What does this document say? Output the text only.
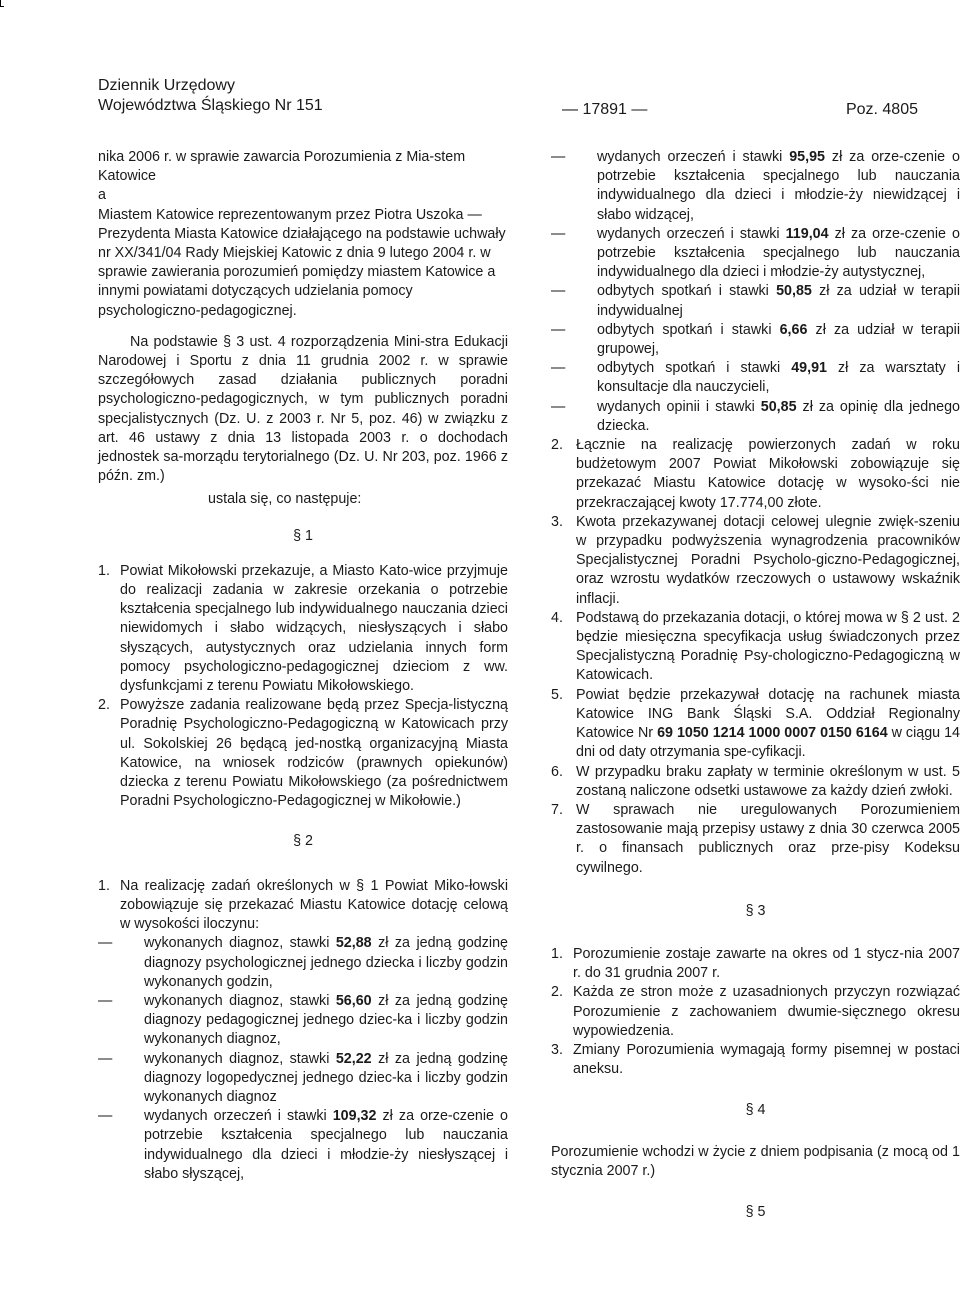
Dziennik Urzędowy
Województwa Śląskiego Nr 151	— 17891 —	Poz. 4805

nika 2006 r. w sprawie zawarcia Porozumienia z Mia-stem Katowice

a

Miastem Katowice reprezentowanym przez Piotra Uszoka — Prezydenta Miasta Katowice działającego na podstawie uchwały nr XX/341/04 Rady Miejskiej Katowic z dnia 9 lutego 2004 r. w sprawie zawierania porozumień pomiędzy miastem Katowice a innymi powiatami dotyczących udzielania pomocy psychologiczno-pedagogicznej.

Na podstawie § 3 ust. 4 rozporządzenia Mini-stra Edukacji Narodowej i Sportu z dnia 11 grudnia 2002 r. w sprawie szczegółowych zasad działania publicznych poradni psychologiczno-pedagogicznych, w tym publicznych poradni specjalistycznych (Dz. U. z 2003 r. Nr 5, poz. 46) w związku z art. 46 ustawy z dnia 13 listopada 2003 r. o dochodach jednostek sa-morządu terytorialnego (Dz. U. Nr 203, poz. 1966 z późn. zm.)

ustala się, co następuje:

§ 1
1. Powiat Mikołowski przekazuje, a Miasto Kato-wice przyjmuje do realizacji zadania w zakresie orzekania o potrzebie kształcenia specjalnego lub indywidualnego nauczania dzieci niewidomych i słabo widzących, niesłyszących i słabo słyszących, autystycznych oraz udzielania innych form pomocy psychologiczno-pedagogicznej dzieciom z ww. dysfunkcjami z terenu Powiatu Mikołowskiego.
2. Powyższe zadania realizowane będą przez Specja-listyczną Poradnię Psychologiczno-Pedagogiczną w Katowicach przy ul. Sokolskiej 26 będącą jed-nostką organizacyjną Miasta Katowice, na wniosek rodziców (prawnych opiekunów) dziecka z terenu Powiatu Mikołowskiego (za pośrednictwem Poradni Psychologiczno-Pedagogicznej w Mikołowie.)
§ 2
1. Na realizację zadań określonych w § 1 Powiat Miko-łowski zobowiązuje się przekazać Miastu Katowice dotację celową w wysokości iloczynu:
—	wykonanych diagnoz, stawki 52,88 zł za jedną godzinę diagnozy psychologicznej jednego dziecka i liczby godzin wykonanych godzin,
—	wykonanych diagnoz, stawki 56,60 zł za jedną godzinę diagnozy pedagogicznej jednego dziec-ka i liczby godzin wykonanych diagnoz,
—	wykonanych diagnoz, stawki 52,22 zł za jedną godzinę diagnozy logopedycznej jednego dziec-ka i liczby godzin wykonanych diagnoz
—	wydanych orzeczeń i stawki 109,32 zł za orze-czenie o potrzebie kształcenia specjalnego lub nauczania indywidualnego dla dzieci i młodzie-ży niesłyszącej i słabo słyszącej,
—	wydanych orzeczeń i stawki 95,95 zł za orze-czenie o potrzebie kształcenia specjalnego lub nauczania indywidualnego dla dzieci i młodzie-ży niewidzącej i słabo widzącej,
—	wydanych orzeczeń i stawki 119,04 zł za orze-czenie o potrzebie kształcenia specjalnego lub nauczania indywidualnego dla dzieci i młodzie-ży autystycznej,
—	odbytych spotkań i stawki 50,85 zł za udział w terapii indywidualnej
—	odbytych spotkań i stawki 6,66 zł za udział w terapii grupowej,
—	odbytych spotkań i stawki 49,91 zł za warsztaty i konsultacje dla nauczycieli,
—	wydanych opinii i stawki 50,85 zł za opinię dla jednego dziecka.
2. Łącznie na realizację powierzonych zadań w roku budżetowym 2007 Powiat Mikołowski zobowiązuje się przekazać Miastu Katowice dotację w wysoko-ści nie przekraczającej kwoty 17.774,00 złote.
3. Kwota przekazywanej dotacji celowej ulegnie zwięk-szeniu w przypadku podwyższenia wynagrodzenia pracowników Specjalistycznej Poradni Psycholo-giczno-Pedagogicznej, oraz wzrostu wydatków rzeczowych o ustawowy wskaźnik inflacji.
4. Podstawą do przekazania dotacji, o której mowa w § 2 ust. 2 będzie miesięczna specyfikacja usług świadczonych przez Specjalistyczną Poradnię Psy-chologiczno-Pedagogiczną w Katowicach.
5. Powiat będzie przekazywał dotację na rachunek miasta Katowice ING Bank Śląski S.A. Oddział Regionalny Katowice Nr 69 1050 1214 1000 0007 0150 6164 w ciągu 14 dni od daty otrzymania spe-cyfikacji.
6. W przypadku braku zapłaty w terminie określonym w ust. 5 zostaną naliczone odsetki ustawowe za każdy dzień zwłoki.
7. W sprawach nie uregulowanych Porozumieniem zastosowanie mają przepisy ustawy z dnia 30 czerwca 2005 r. o finansach publicznych oraz prze-pisy Kodeksu cywilnego.
§ 3
1. Porozumienie zostaje zawarte na okres od 1 stycz-nia 2007 r. do 31 grudnia 2007 r.
2. Każda ze stron może z uzasadnionych przyczyn rozwiązać Porozumienie z zachowaniem dwumie-sięcznego okresu wypowiedzenia.
3. Zmiany Porozumienia wymagają formy pisemnej w postaci aneksu.
§ 4

Porozumienie wchodzi w życie z dniem podpisania (z mocą od 1 stycznia 2007 r.)

§ 5
